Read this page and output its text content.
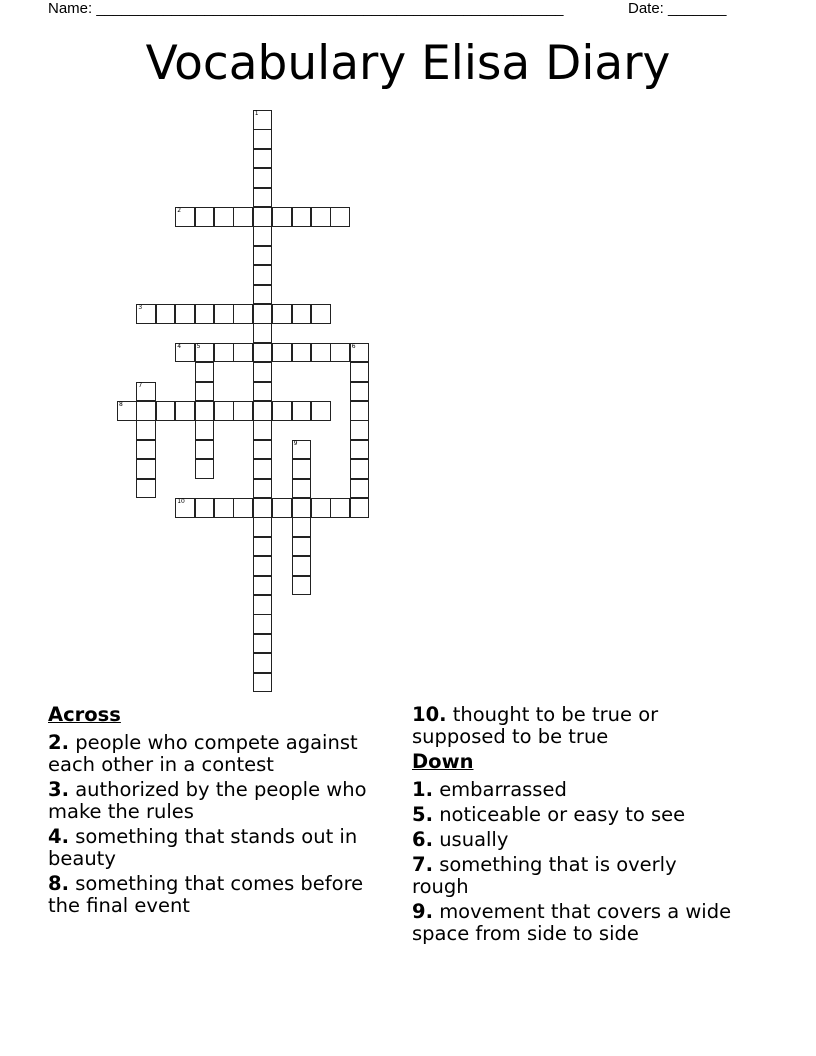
Name: ________________________________________________________	Date: _______
Vocabulary Elisa Diary
1
2
3
4	5	6
7
8
9
10
Across
2. people who compete against each other in a contest
3. authorized by the people who make the rules
4. something that stands out in beauty
8. something that comes before the final event
10. thought to be true or supposed to be true
Down
1. embarrassed
5. noticeable or easy to see
6. usually
7. something that is overly rough
9. movement that covers a wide space from side to side
